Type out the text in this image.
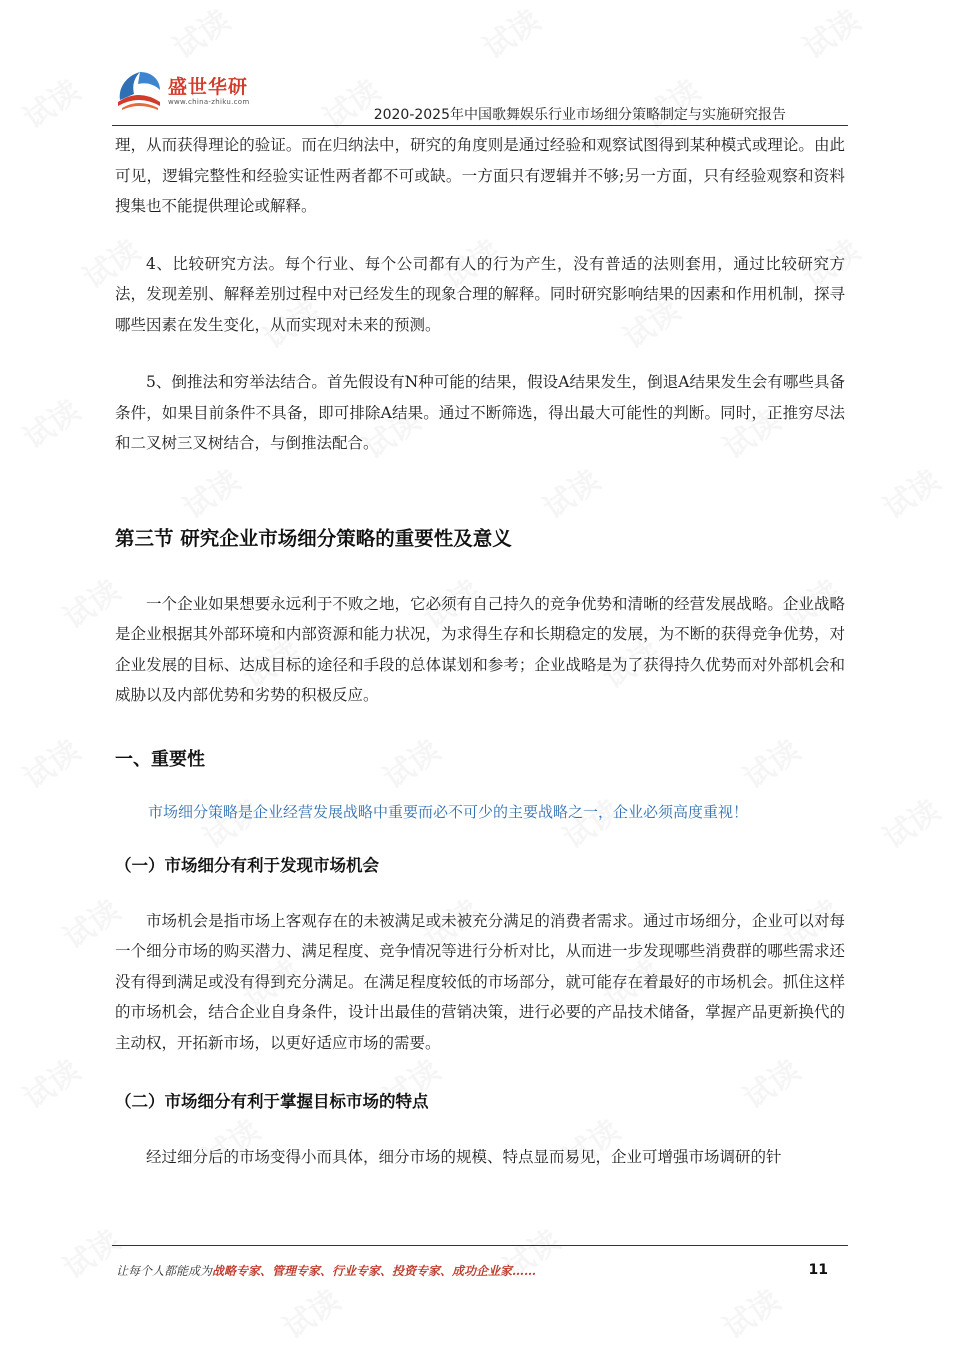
试读
试读
试读
试读
试读
试读
试读
试读
试读
试读
试读
试读
试读
试读
试读
试读
试读
试读
试读
试读
试读
试读
试读
试读
试读
试读
试读
试读
试读
试读
试读
试读
试读
试读
试读
试读
试读
试读
试读
试读
试读
试读
盛世华研
www.china-zhiku.com
2020-2025年中国歌舞娱乐行业市场细分策略制定与实施研究报告

理，从而获得理论的验证。而在归纳法中，研究的角度则是通过经验和观察试图得到某种模式或理论。由此可见，逻辑完整性和经验实证性两者都不可或缺。一方面只有逻辑并不够;另一方面，只有经验观察和资料搜集也不能提供理论或解释。

4、比较研究方法。每个行业、每个公司都有人的行为产生，没有普适的法则套用，通过比较研究方法，发现差别、解释差别过程中对已经发生的现象合理的解释。同时研究影响结果的因素和作用机制，探寻哪些因素在发生变化，从而实现对未来的预测。

5、倒推法和穷举法结合。首先假设有N种可能的结果，假设A结果发生，倒退A结果发生会有哪些具备条件，如果目前条件不具备，即可排除A结果。通过不断筛选，得出最大可能性的判断。同时，正推穷尽法和二叉树三叉树结合，与倒推法配合。

第三节 研究企业市场细分策略的重要性及意义

一个企业如果想要永远利于不败之地，它必须有自己持久的竞争优势和清晰的经营发展战略。企业战略是企业根据其外部环境和内部资源和能力状况，为求得生存和长期稳定的发展，为不断的获得竞争优势，对企业发展的目标、达成目标的途径和手段的总体谋划和参考；企业战略是为了获得持久优势而对外部机会和威胁以及内部优势和劣势的积极反应。

一、重要性

市场细分策略是企业经营发展战略中重要而必不可少的主要战略之一，企业必须高度重视！

（一）市场细分有利于发现市场机会

市场机会是指市场上客观存在的未被满足或未被充分满足的消费者需求。通过市场细分，企业可以对每一个细分市场的购买潜力、满足程度、竞争情况等进行分析对比，从而进一步发现哪些消费群的哪些需求还没有得到满足或没有得到充分满足。在满足程度较低的市场部分，就可能存在着最好的市场机会。抓住这样的市场机会，结合企业自身条件，设计出最佳的营销决策，进行必要的产品技术储备，掌握产品更新换代的主动权，开拓新市场，以更好适应市场的需要。

（二）市场细分有利于掌握目标市场的特点

经过细分后的市场变得小而具体，细分市场的规模、特点显而易见，企业可增强市场调研的针

让每个人都能成为战略专家、管理专家、行业专家、投资专家、成功企业家……	11
